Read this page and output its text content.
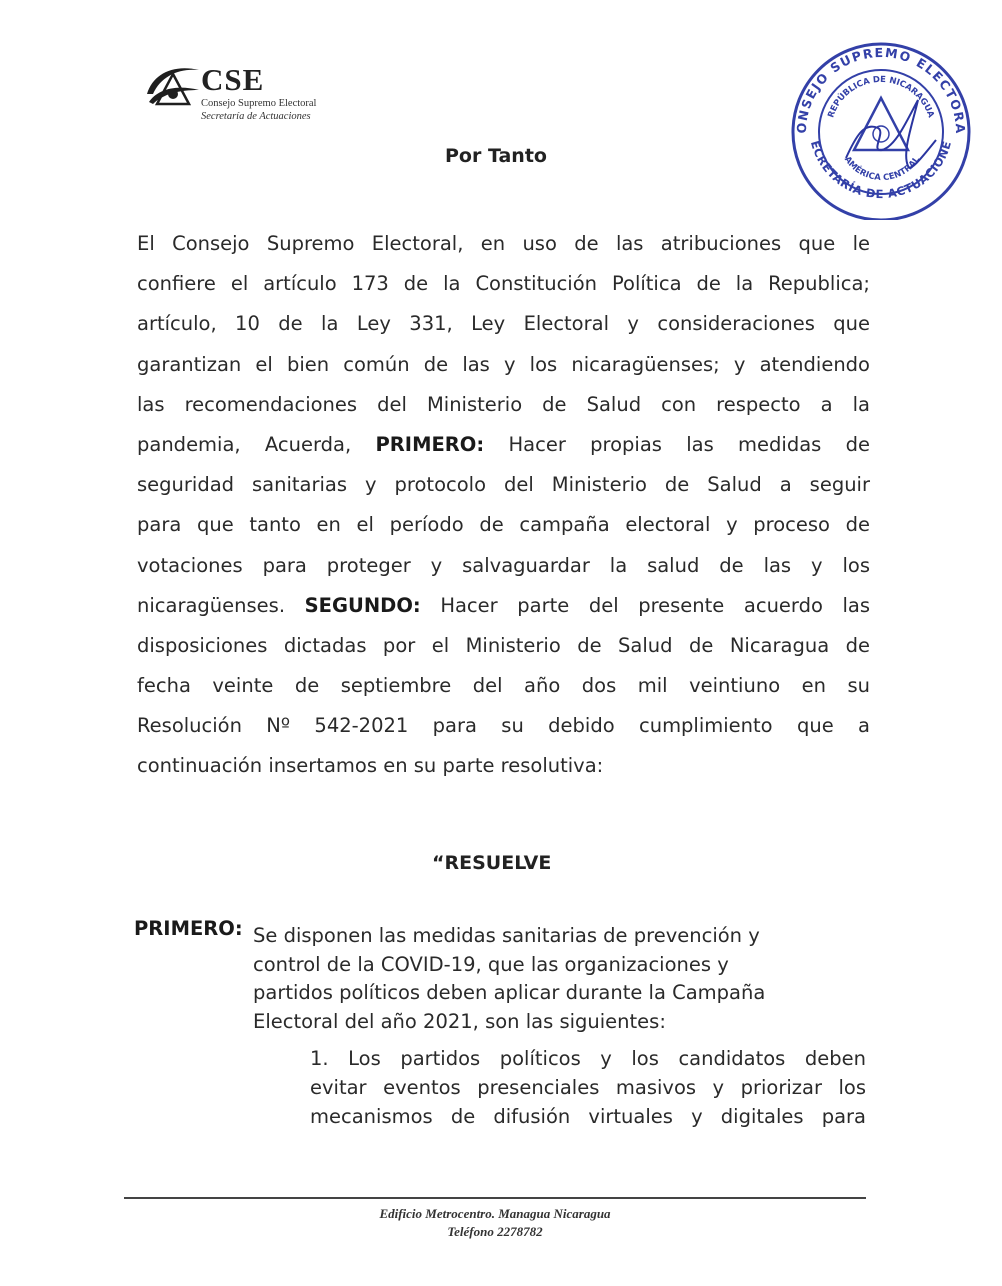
CSE
Consejo Supremo Electoral
Secretaría de Actuaciones
ONSEJO SUPREMO ELECTORA
ECRETARÍA DE ACTUACIONE
REPÚBLICA DE NICARAGUA
AMÉRICA CENTRAL
Por Tanto
El Consejo Supremo Electoral, en uso de las atribuciones que le
confiere el artículo 173 de la Constitución Política de la Republica;
artículo, 10 de la Ley 331, Ley Electoral y consideraciones que
garantizan el bien común de las y los nicaragüenses; y atendiendo
las recomendaciones del Ministerio de Salud con respecto a la
pandemia, Acuerda, PRIMERO: Hacer propias las medidas de
seguridad sanitarias y protocolo del Ministerio de Salud a seguir
para que tanto en el período de campaña electoral y proceso de
votaciones para proteger y salvaguardar la salud de las y los
nicaragüenses. SEGUNDO: Hacer parte del presente acuerdo las
disposiciones dictadas por el Ministerio de Salud de Nicaragua de
fecha veinte de septiembre del año dos mil veintiuno en su
Resolución Nº 542-2021 para su debido cumplimiento que a
continuación insertamos en su parte resolutiva:
“RESUELVE
PRIMERO: Se disponen las medidas sanitarias de prevención y
control de la COVID-19, que las organizaciones y
partidos políticos deben aplicar durante la Campaña
Electoral del año 2021, son las siguientes:
1. Los partidos políticos y los candidatos deben
evitar eventos presenciales masivos y priorizar los
mecanismos de difusión virtuales y digitales para
Edificio Metrocentro. Managua Nicaragua
Teléfono 2278782
